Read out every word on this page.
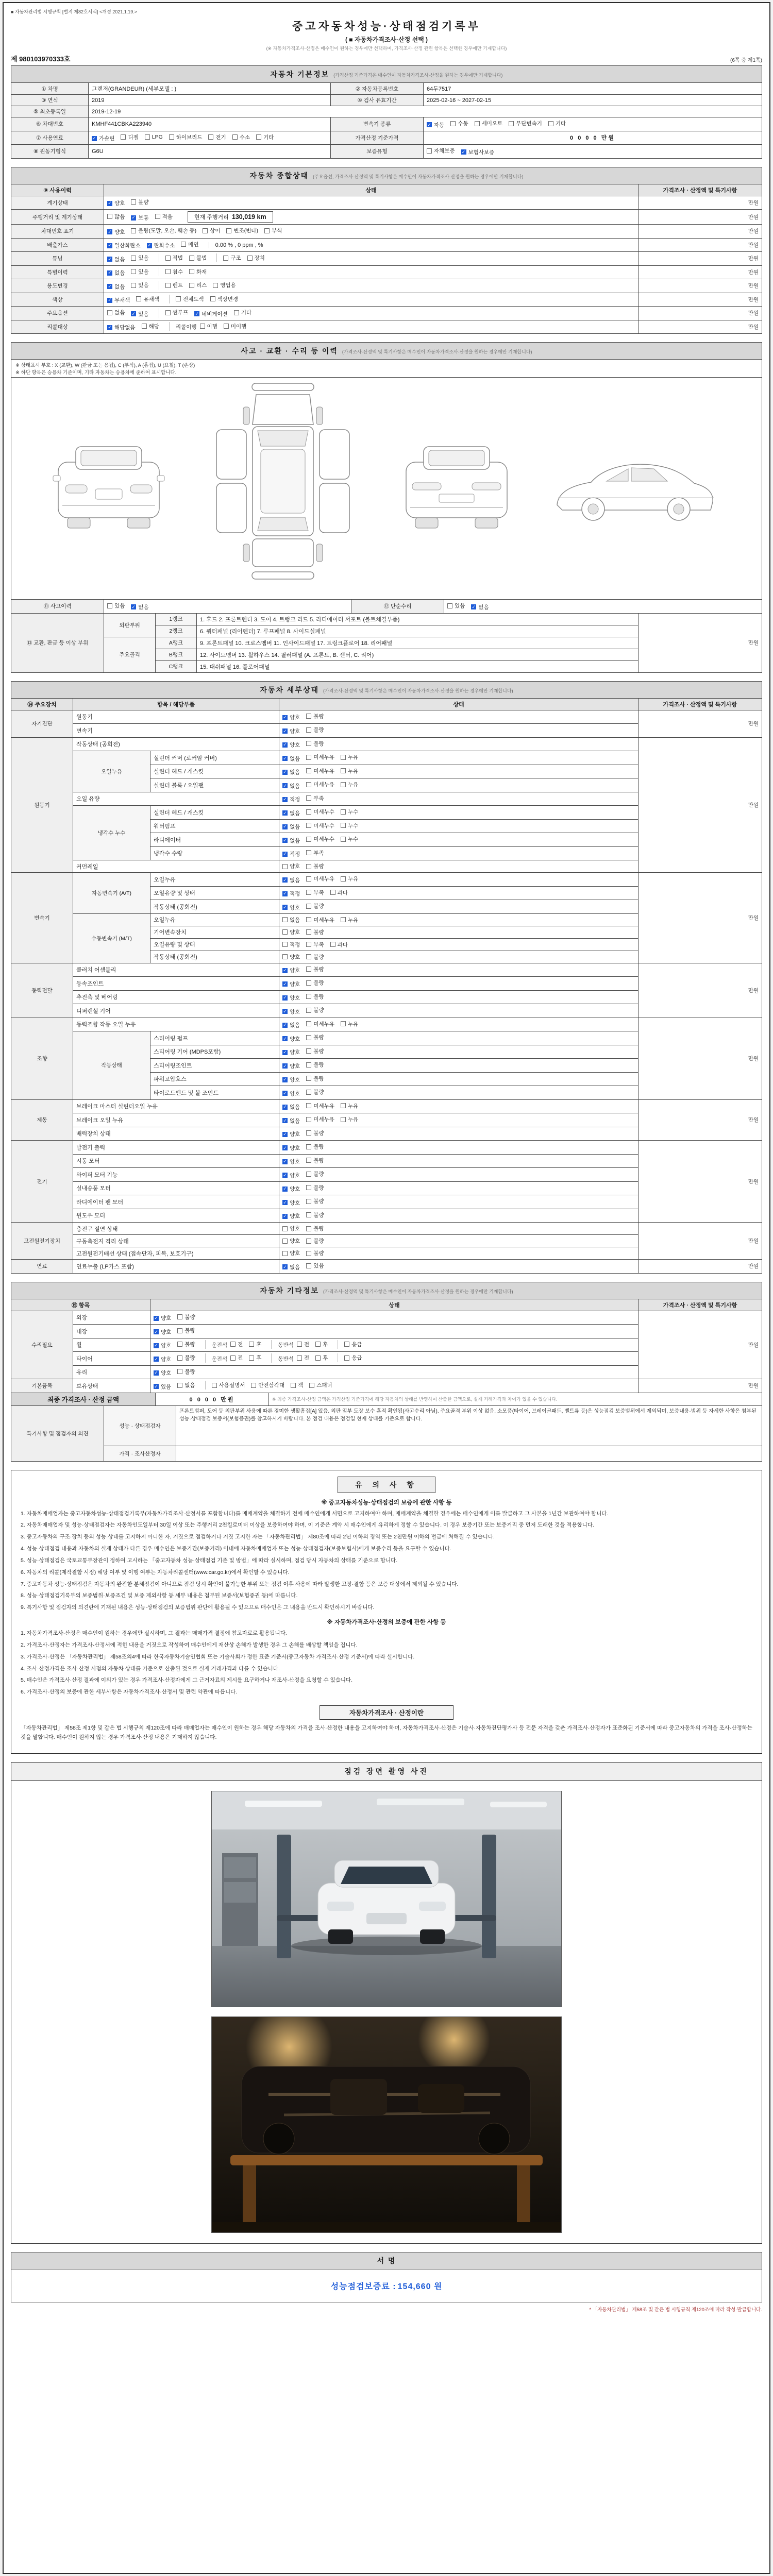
■ 자동차관리법 시행규칙 [별지 제82호서식] <개정 2021.1.19.>
중고자동차성능·상태점검기록부
( ■ 자동차가격조사·산정 선택 )
(※ 자동차가격조사·산정은 매수인이 원하는 경우에만 선택하며, 가격조사·산정 관련 항목은 선택한 경우에만 기재합니다)
제 980103970333호	(6쪽 중 제1쪽)
자동차 기본정보 (가격산정 기준가격은 매수인이 자동차가격조사·산정을 원하는 경우에만 기재합니다)			
① 차명	그랜저(GRANDEUR) (세부모델 : )	② 자동차등록번호	64두7517
③ 연식	2019	④ 검사 유효기간	2025-02-16 ~ 2027-02-15
⑤ 최초등록일	2019-12-19		
⑥ 차대번호	KMHF441CBKA223940	변속기 종류	✓ 자동 수동 세미오토 무단변속기 기타

⑦ 사용연료	✓ 가솔린 디젤 LPG 하이브리드 전기 수소 기타	가격산정 기준가격	0 0 0 0 만원
⑧ 원동기형식	G6U	보증유형	자체보증 ✓ 보험사보증
자동차 종합상태 (주요옵션, 가격조사·산정액 및 특기사항은 매수인이 자동차가격조사·산정을 원하는 경우에만 기재합니다)		
⑨ 사용이력	상태	가격조사 · 산정액 및 특기사항
계기상태	✓ 양호 불량	만원
주행거리 및 계기상태	많음 ✓ 보통 적음 현재 주행거리 130,019 km	만원
차대번호 표기	✓ 양호 불량(도말, 오손, 훼손 등) 상이 변조(변타) 부식	만원
배출가스	✓ 일산화탄소 ✓ 탄화수소 매연	0.00 % , 0 ppm , %	만원
튜닝	✓ 없음 있음
	적법 불법
	구조 장치	만원
특별이력	✓ 없음 있음
침수 화재	만원
용도변경	✓ 없음 있음
	렌트 리스 영업용	만원
색상	✓ 무채색 유채색
전체도색 색상변경	만원
주요옵션	없음 ✓ 있음
	썬루프 ✓ 네비게이션 기타	만원
리콜대상	✓ 해당없음 해당	리콜이행 이행 미이행	만원
사고 · 교환 · 수리 등 이력 (가격조사·산정액 및 특기사항은 매수인이 자동차가격조사·산정을 원하는 경우에만 기재합니다)

※ 상태표시 부호 : X (교환), W (판금 또는 용접), C (부식), A (흠집), U (요철), T (손상)
※ 하단 항목은 승용차 기준이며, 기타 자동차는 승용차에 준하여 표시합니다.

⑪ 사고이력	있음 ✓ 없음	⑫ 단순수리	있음 ✓ 없음
⑬ 교환, 판금 등 이상 부위	외판부위	1랭크	1. 후드 2. 프론트펜더 3. 도어 4. 트렁크 리드 5. 라디에이터 서포트 (볼트체결부품)	만원
		2랭크	6. 쿼터패널 (리어펜더) 7. 루프패널 8. 사이드실패널	
	주요골격	A랭크	9. 프론트패널 10. 크로스멤버 11. 인사이드패널 17. 트렁크플로어 18. 리어패널	
		B랭크	12. 사이드멤버 13. 휠하우스 14. 필러패널 (A. 프론트, B. 센터, C. 리어)	
		C랭크	15. 대쉬패널 16. 플로어패널	
자동차 세부상태 (가격조사·산정액 및 특기사항은 매수인이 자동차가격조사·산정을 원하는 경우에만 기재합니다)				
⑭ 주요장치	항목 / 해당부품		상태	가격조사 · 산정액 및 특기사항
자기진단	원동기		✓ 양호 불량	만원
	변속기		✓ 양호 불량	

원동기	작동상태 (공회전)		✓ 양호 불량	만원
	오일누유	실린더 커버 (로커암 커버)	✓ 없음 미세누유 누유	

		실린더 헤드 / 개스킷	✓ 없음 미세누유 누유	

		실린더 블록 / 오일팬	✓ 없음 미세누유 누유	

	오일 유량		✓ 적정 부족	

	냉각수 누수	실린더 헤드 / 개스킷	✓ 없음 미세누수 누수	

		워터펌프	✓ 없음 미세누수 누수	

		라디에이터	✓ 없음 미세누수 누수	

		냉각수 수량	✓ 적정 부족	

	커먼레일		양호 불량	

변속기	자동변속기 (A/T)	오일누유	✓ 없음 미세누유 누유	만원
		오일유량 및 상태	✓ 적정 부족 과다	

		작동상태 (공회전)	✓ 양호 불량	

	수동변속기 (M/T)	오일누유	없음 미세누유 누유	

		기어변속장치	양호 불량	

		오일유량 및 상태	적정 부족 과다	

		작동상태 (공회전)	양호 불량	

동력전달	클러치 어셈블리		✓ 양호 불량	만원
	등속조인트		✓ 양호 불량	

	추진축 및 베어링		✓ 양호 불량	

	디퍼렌셜 기어		✓ 양호 불량	

조향	동력조향 작동 오일 누유		✓ 없음 미세누유 누유	만원
	작동상태	스티어링 펌프	✓ 양호 불량	

		스티어링 기어 (MDPS포함)	✓ 양호 불량	

		스티어링조인트	✓ 양호 불량	

		파워고압호스	✓ 양호 불량	

		타이로드엔드 및 볼 조인트	✓ 양호 불량	

제동	브레이크 마스터 실린더오일 누유		✓ 없음 미세누유 누유	만원
	브레이크 오일 누유		✓ 없음 미세누유 누유	

	배력장치 상태		✓ 양호 불량	

전기	발전기 출력		✓ 양호 불량	만원
	시동 모터		✓ 양호 불량	

	와이퍼 모터 기능		✓ 양호 불량	

	실내송풍 모터		✓ 양호 불량	

	라디에이터 팬 모터		✓ 양호 불량	

	윈도우 모터		✓ 양호 불량	

고전원전기장치	충전구 절연 상태		양호 불량	만원
	구동축전지 격리 상태		양호 불량	

	고전원전기배선 상태 (접속단자, 피복, 보호기구)		양호 불량	

연료	연료누출 (LP가스 포함)		✓ 없음 있음	만원
자동차 기타정보 (가격조사·산정액 및 특기사항은 매수인이 자동차가격조사·산정을 원하는 경우에만 기재합니다)			
⑮ 항목		상태	가격조사 · 산정액 및 특기사항
수리필요	외장	✓ 양호 불량	만원
	내장	✓ 양호 불량	

휠	✓ 양호 불량	운전석 전 후	동반석 전 후
	응급

타이어	✓ 양호 불량	운전석 전 후	동반석 전 후
	응급

	유리	✓ 양호 불량	

기본품목	보유상태	✓ 있음 없음
	사용설명서 안전삼각대 잭 스패너	만원
최종 가격조사 · 산정 금액	0 0 0 0 만원	※ 최종 가격조사·산정 금액은 가격산정 기준가격에 해당 자동차의 상태를 반영하여 산출한 금액으로, 실제 거래가격과 차이가 있을 수 있습니다.
특기사항 및 점검자의 의견	성능 · 상태점검자	프론트범퍼, 도어 등 외판부위 사용에 따른 경미한 생활흠집[A] 있음. 외판 일부 도장 보수 흔적 확인됨(사고수리 아님). 주요골격 부위 이상 없음. 소모품(타이어, 브레이크패드, 벨트류 등)은 성능점검 보증범위에서 제외되며, 보증내용·범위 등 자세한 사항은 첨부된 성능·상태점검 보증서(보험증권)를 참고하시기 바랍니다. 본 점검 내용은 점검일 현재 상태를 기준으로 합니다.
	가격 · 조사산정자	
유 의 사 항
※ 중고자동차성능·상태점검의 보증에 관한 사항 등

1. 자동차매매업자는 중고자동차성능·상태점검기록부(자동차가격조사·산정서를 포함합니다)를 매매계약을 체결하기 전에 매수인에게 서면으로 고지하여야 하며, 매매계약을 체결한 경우에는 매수인에게 이를 발급하고 그 사본을 1년간 보관하여야 합니다.

2. 자동차매매업자 및 성능·상태점검자는 자동차인도일부터 30일 이상 또는 주행거리 2천킬로미터 이상을 보증하여야 하며, 이 기준은 계약 시 매수인에게 유리하게 정할 수 있습니다. 이 경우 보증기간 또는 보증거리 중 먼저 도래한 것을 적용합니다.

3. 중고자동차의 구조·장치 등의 성능·상태를 고지하지 아니한 자, 거짓으로 점검하거나 거짓 고지한 자는 「자동차관리법」 제80조에 따라 2년 이하의 징역 또는 2천만원 이하의 벌금에 처해질 수 있습니다.

4. 성능·상태점검 내용과 자동차의 실제 상태가 다른 경우 매수인은 보증기간(보증거리) 이내에 자동차매매업자 또는 성능·상태점검자(보증보험사)에게 보증수리 등을 요구할 수 있습니다.

5. 성능·상태점검은 국토교통부장관이 정하여 고시하는 「중고자동차 성능·상태점검 기준 및 방법」에 따라 실시하며, 점검 당시 자동차의 상태를 기준으로 합니다.

6. 자동차의 리콜(제작결함 시정) 해당 여부 및 이행 여부는 자동차리콜센터(www.car.go.kr)에서 확인할 수 있습니다.

7. 중고자동차 성능·상태점검은 자동차의 완전한 분해점검이 아니므로 점검 당시 확인이 불가능한 부위 또는 점검 이후 사용에 따라 발생한 고장·결함 등은 보증 대상에서 제외될 수 있습니다.

8. 성능·상태점검기록부의 보증범위·보증조건 및 보증 제외사항 등 세부 내용은 첨부된 보증서(보험증권 등)에 따릅니다.

9. 특기사항 및 점검자의 의견란에 기재된 내용은 성능·상태점검의 보증범위 판단에 활용될 수 있으므로 매수인은 그 내용을 반드시 확인하시기 바랍니다.

※ 자동차가격조사·산정의 보증에 관한 사항 등

1. 자동차가격조사·산정은 매수인이 원하는 경우에만 실시하며, 그 결과는 매매가격 결정에 참고자료로 활용됩니다.

2. 가격조사·산정자는 가격조사·산정서에 적힌 내용을 거짓으로 작성하여 매수인에게 재산상 손해가 발생한 경우 그 손해를 배상할 책임을 집니다.

3. 가격조사·산정은 「자동차관리법」 제58조의4에 따라 한국자동차기술인협회 또는 기술사회가 정한 표준 기준서(중고자동차 가격조사·산정 기준서)에 따라 실시합니다.

4. 조사·산정가격은 조사·산정 시점의 자동차 상태를 기준으로 산출된 것으로 실제 거래가격과 다를 수 있습니다.

5. 매수인은 가격조사·산정 결과에 이의가 있는 경우 가격조사·산정자에게 그 근거자료의 제시를 요구하거나 재조사·산정을 요청할 수 있습니다.

6. 가격조사·산정의 보증에 관한 세부사항은 자동차가격조사·산정서 및 관련 약관에 따릅니다.

자동차가격조사 · 산정이란

「자동차관리법」 제58조 제1항 및 같은 법 시행규칙 제120조에 따라 매매업자는 매수인이 원하는 경우 해당 자동차의 가격을 조사·산정한 내용을 고지하여야 하며, 자동차가격조사·산정은 기술사·자동차진단평가사 등 전문 자격을 갖춘 가격조사·산정자가 표준화된 기준서에 따라 중고자동차의 가격을 조사·산정하는 것을 말합니다. 매수인이 원하지 않는 경우 가격조사·산정 내용은 기재하지 않습니다.

점검 장면 촬영 사진
서 명
성능점검보증료 : 154,660 원
* 「자동차관리법」 제58조 및 같은 법 시행규칙 제120조에 따라 작성·발급합니다.
